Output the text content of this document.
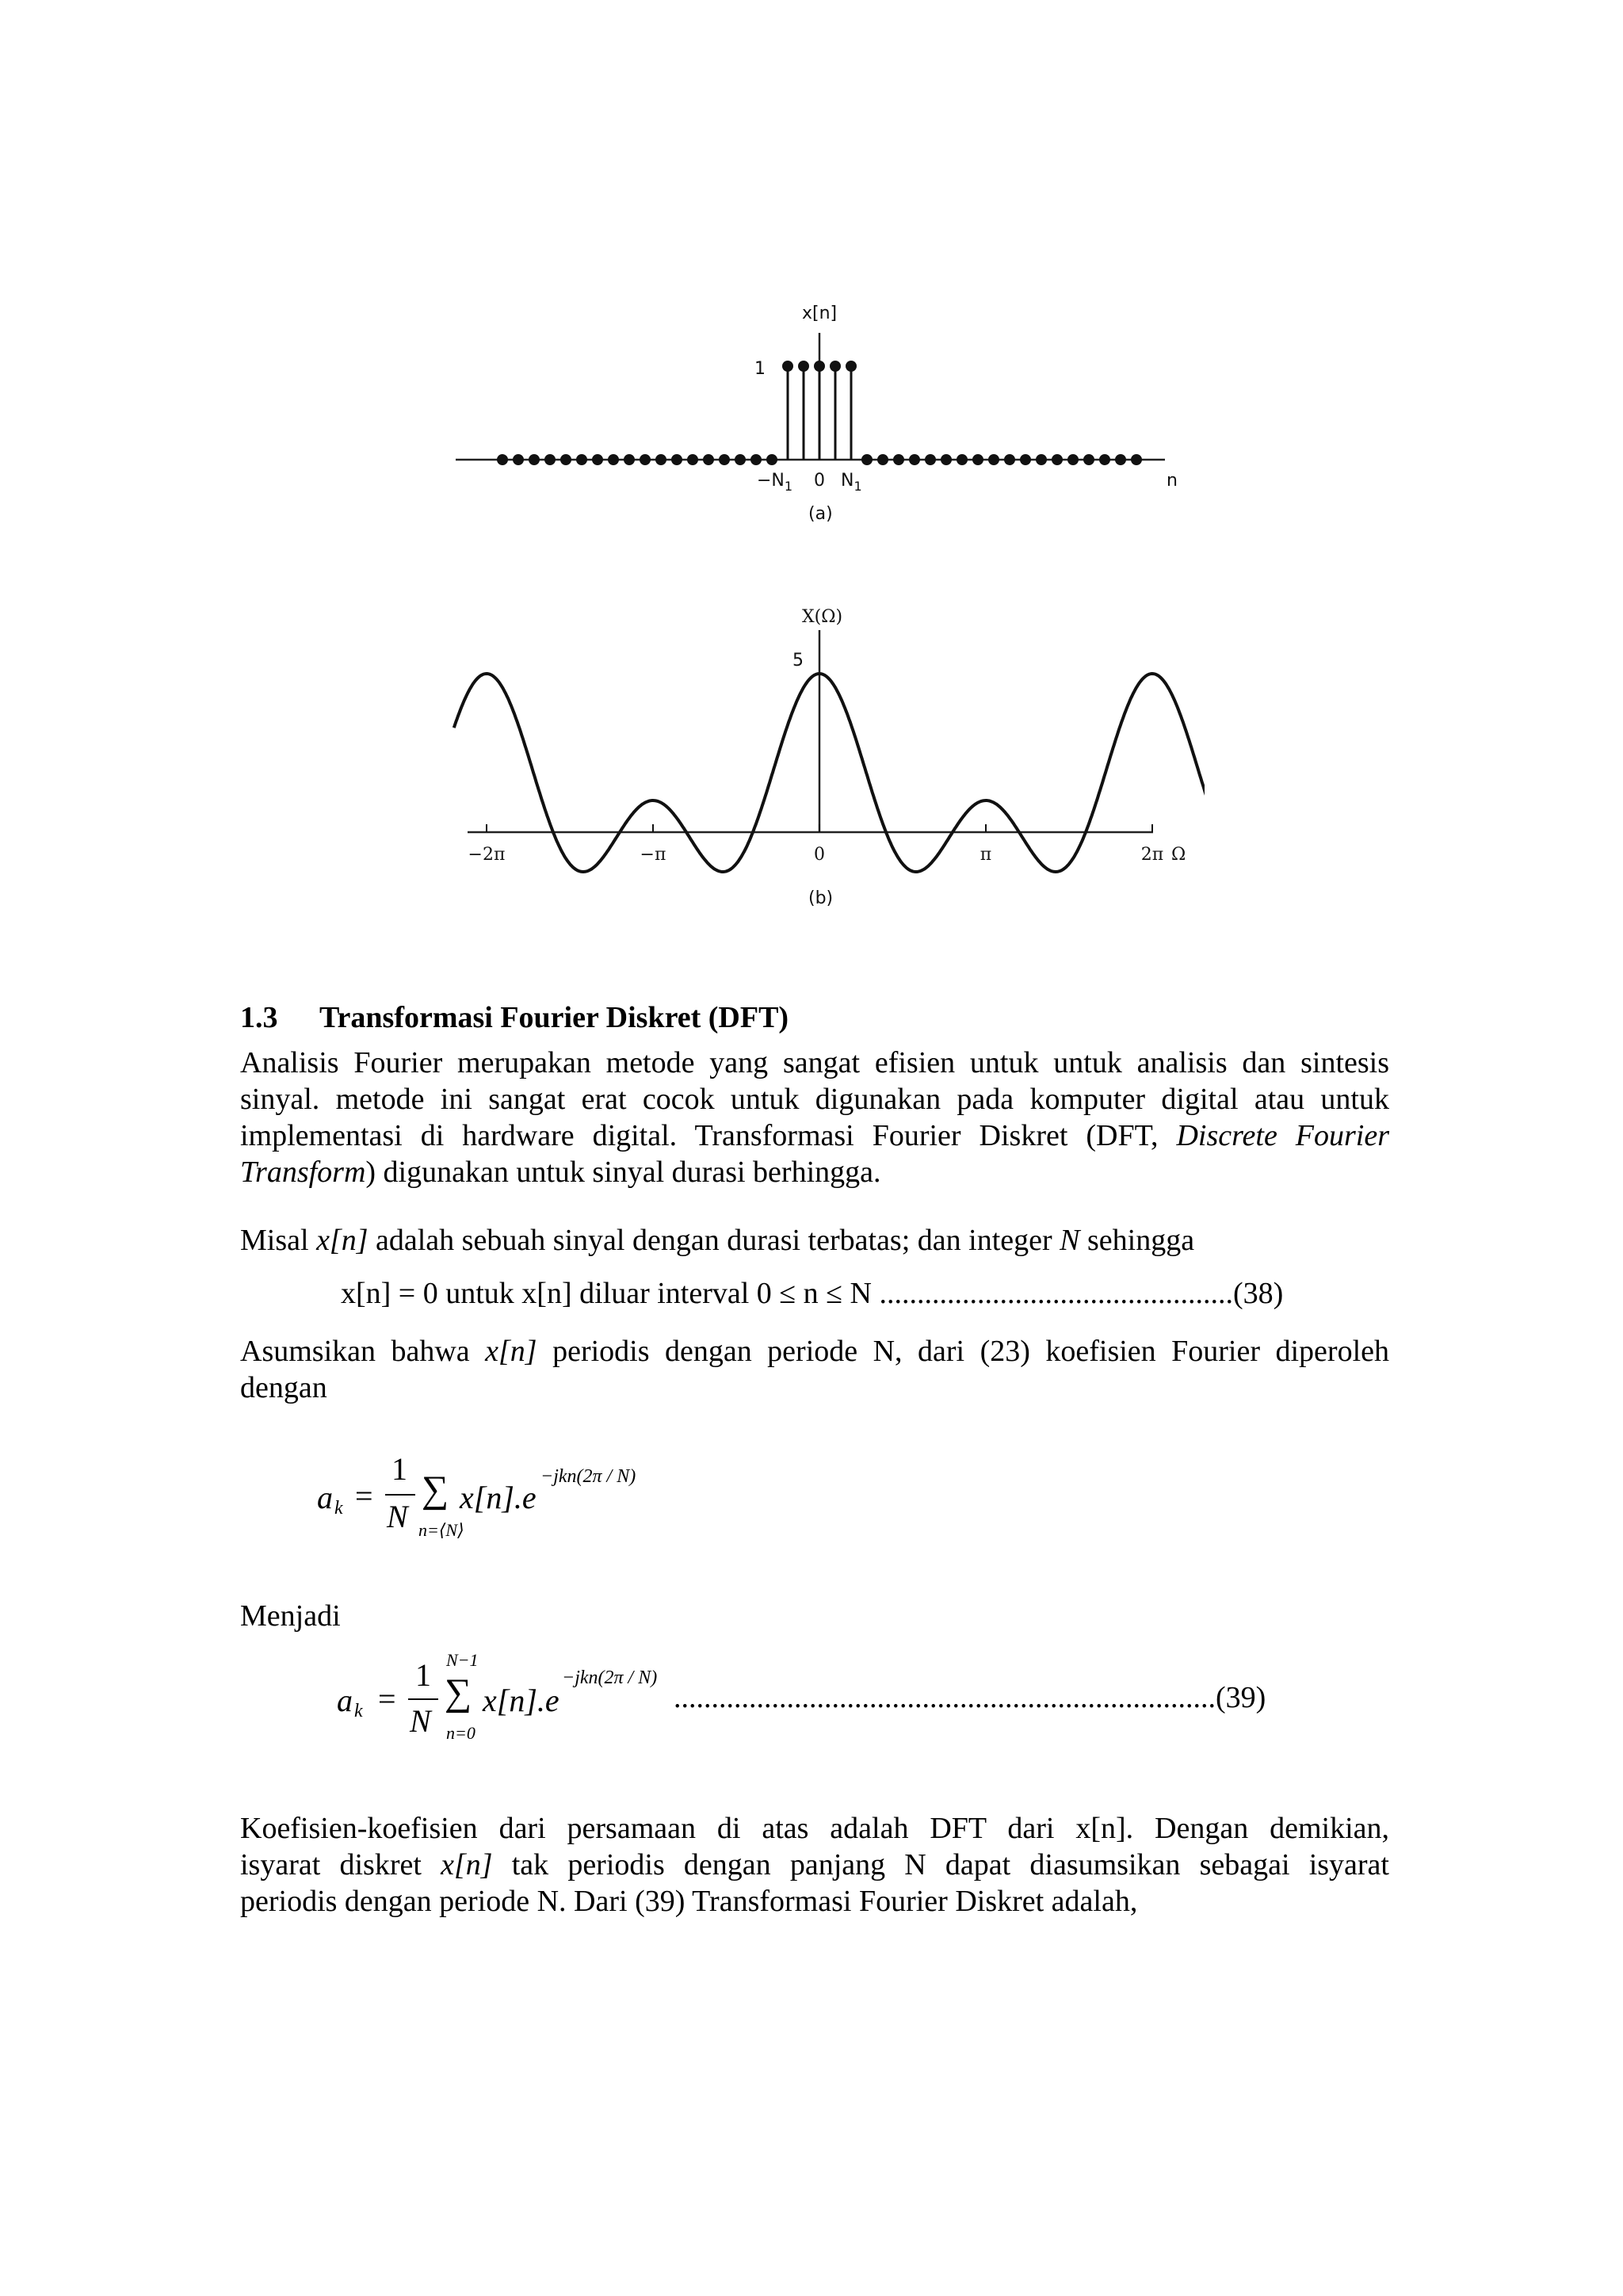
x[n]
1
$-N_1$ 0 $N_1$	n
(a)
−2π	−π	0	π	2π
X(Ω)
5
Ω
(b)
1.3 Transformasi Fourier Diskret (DFT)
Analisis Fourier merupakan metode yang sangat efisien untuk untuk analisis dan sintesis
sinyal. metode ini sangat erat cocok untuk digunakan pada komputer digital atau untuk
implementasi di hardware digital. Transformasi Fourier Diskret (DFT, Discrete Fourier
Transform) digunakan untuk sinyal durasi berhingga.
Misal x[n] adalah sebuah sinyal dengan durasi terbatas; dan integer N sehingga
x[n] = 0 untuk x[n] diluar interval 0 ≤ n ≤ N ...............................................(38)
Asumsikan bahwa x[n] periodis dengan periode N, dari (23) koefisien Fourier diperoleh
dengan
a k =
1
N
∑
n=⟨N⟩
x[n].e
−jkn(2π / N)
Menjadi
a k =
1
N
N−1
∑
n=0
x[n].e
−jkn(2π / N)
........................................................................(39)
Koefisien-koefisien dari persamaan di atas adalah DFT dari x[n]. Dengan demikian,
isyarat diskret x[n] tak periodis dengan panjang N dapat diasumsikan sebagai isyarat
periodis dengan periode N. Dari (39) Transformasi Fourier Diskret adalah,
